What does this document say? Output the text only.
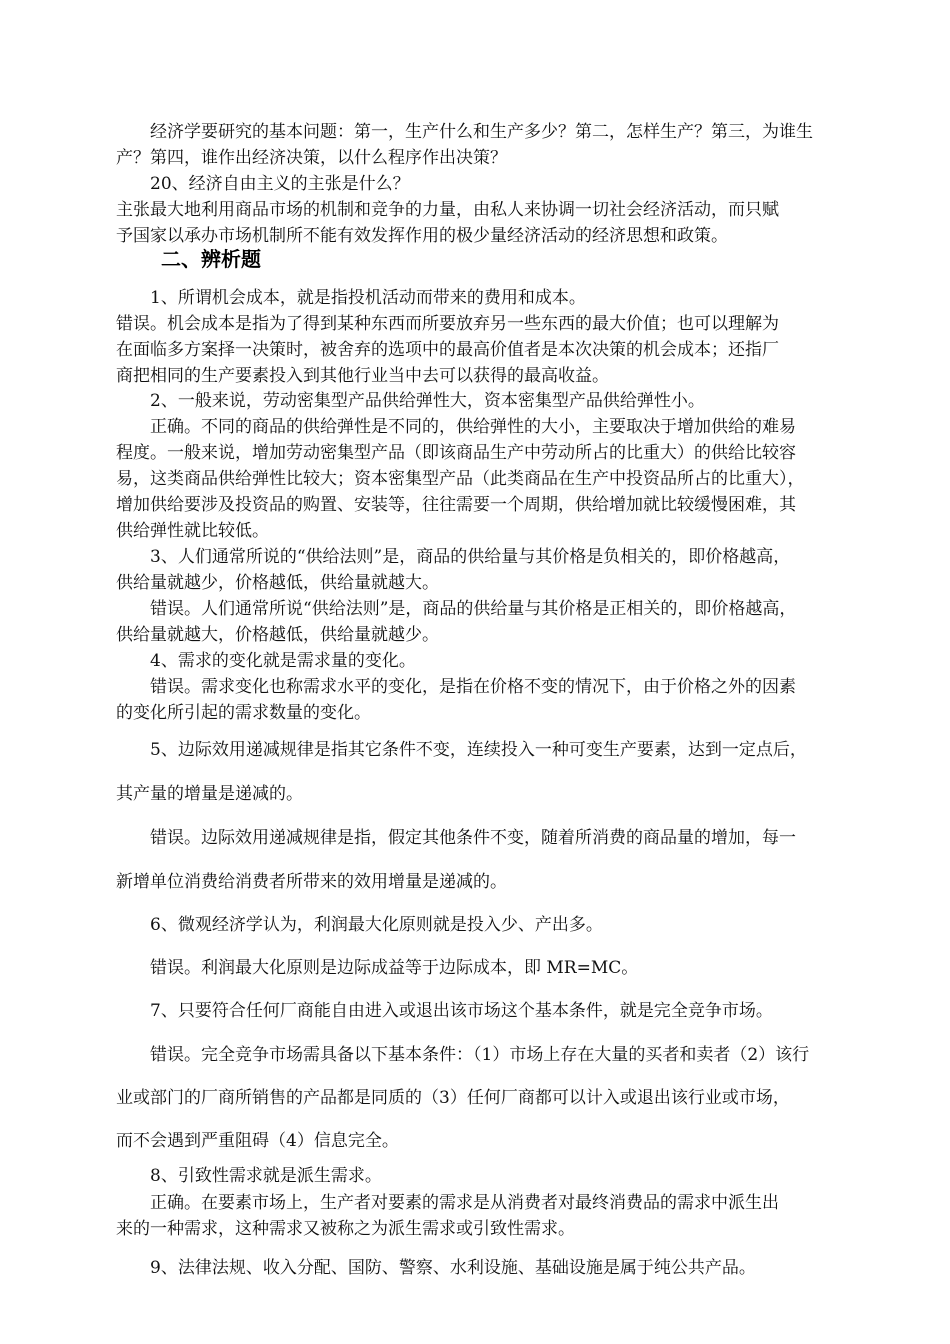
经济学要研究的基本问题：第一，生产什么和生产多少？第二，怎样生产？第三，为谁生
产？第四，谁作出经济决策，以什么程序作出决策？
20、经济自由主义的主张是什么？
主张最大地利用商品市场的机制和竞争的力量，由私人来协调一切社会经济活动，而只赋
予国家以承办市场机制所不能有效发挥作用的极少量经济活动的经济思想和政策。
二、辨析题
1、所谓机会成本，就是指投机活动而带来的费用和成本。
错误。机会成本是指为了得到某种东西而所要放弃另一些东西的最大价值；也可以理解为
在面临多方案择一决策时，被舍弃的选项中的最高价值者是本次决策的机会成本；还指厂
商把相同的生产要素投入到其他行业当中去可以获得的最高收益。
2、一般来说，劳动密集型产品供给弹性大，资本密集型产品供给弹性小。
正确。不同的商品的供给弹性是不同的，供给弹性的大小，主要取决于增加供给的难易
程度。一般来说，增加劳动密集型产品（即该商品生产中劳动所占的比重大）的供给比较容
易，这类商品供给弹性比较大；资本密集型产品（此类商品在生产中投资品所占的比重大），
增加供给要涉及投资品的购置、安装等，往往需要一个周期，供给增加就比较缓慢困难，其
供给弹性就比较低。
3、人们通常所说的“供给法则”是，商品的供给量与其价格是负相关的，即价格越高，
供给量就越少，价格越低，供给量就越大。
错误。人们通常所说“供给法则”是，商品的供给量与其价格是正相关的，即价格越高，
供给量就越大，价格越低，供给量就越少。
4、需求的变化就是需求量的变化。
错误。需求变化也称需求水平的变化，是指在价格不变的情况下，由于价格之外的因素
的变化所引起的需求数量的变化。
5、边际效用递减规律是指其它条件不变，连续投入一种可变生产要素，达到一定点后，
其产量的增量是递减的。
错误。边际效用递减规律是指，假定其他条件不变，随着所消费的商品量的增加，每一
新增单位消费给消费者所带来的效用增量是递减的。
6、微观经济学认为，利润最大化原则就是投入少、产出多。
错误。利润最大化原则是边际成益等于边际成本，即 MR=MC。
7、只要符合任何厂商能自由进入或退出该市场这个基本条件，就是完全竞争市场。
错误。完全竞争市场需具备以下基本条件：（1）市场上存在大量的买者和卖者（2）该行
业或部门的厂商所销售的产品都是同质的（3）任何厂商都可以计入或退出该行业或市场，
而不会遇到严重阻碍（4）信息完全。
8、引致性需求就是派生需求。
正确。在要素市场上，生产者对要素的需求是从消费者对最终消费品的需求中派生出
来的一种需求，这种需求又被称之为派生需求或引致性需求。
9、法律法规、收入分配、国防、警察、水利设施、基础设施是属于纯公共产品。
